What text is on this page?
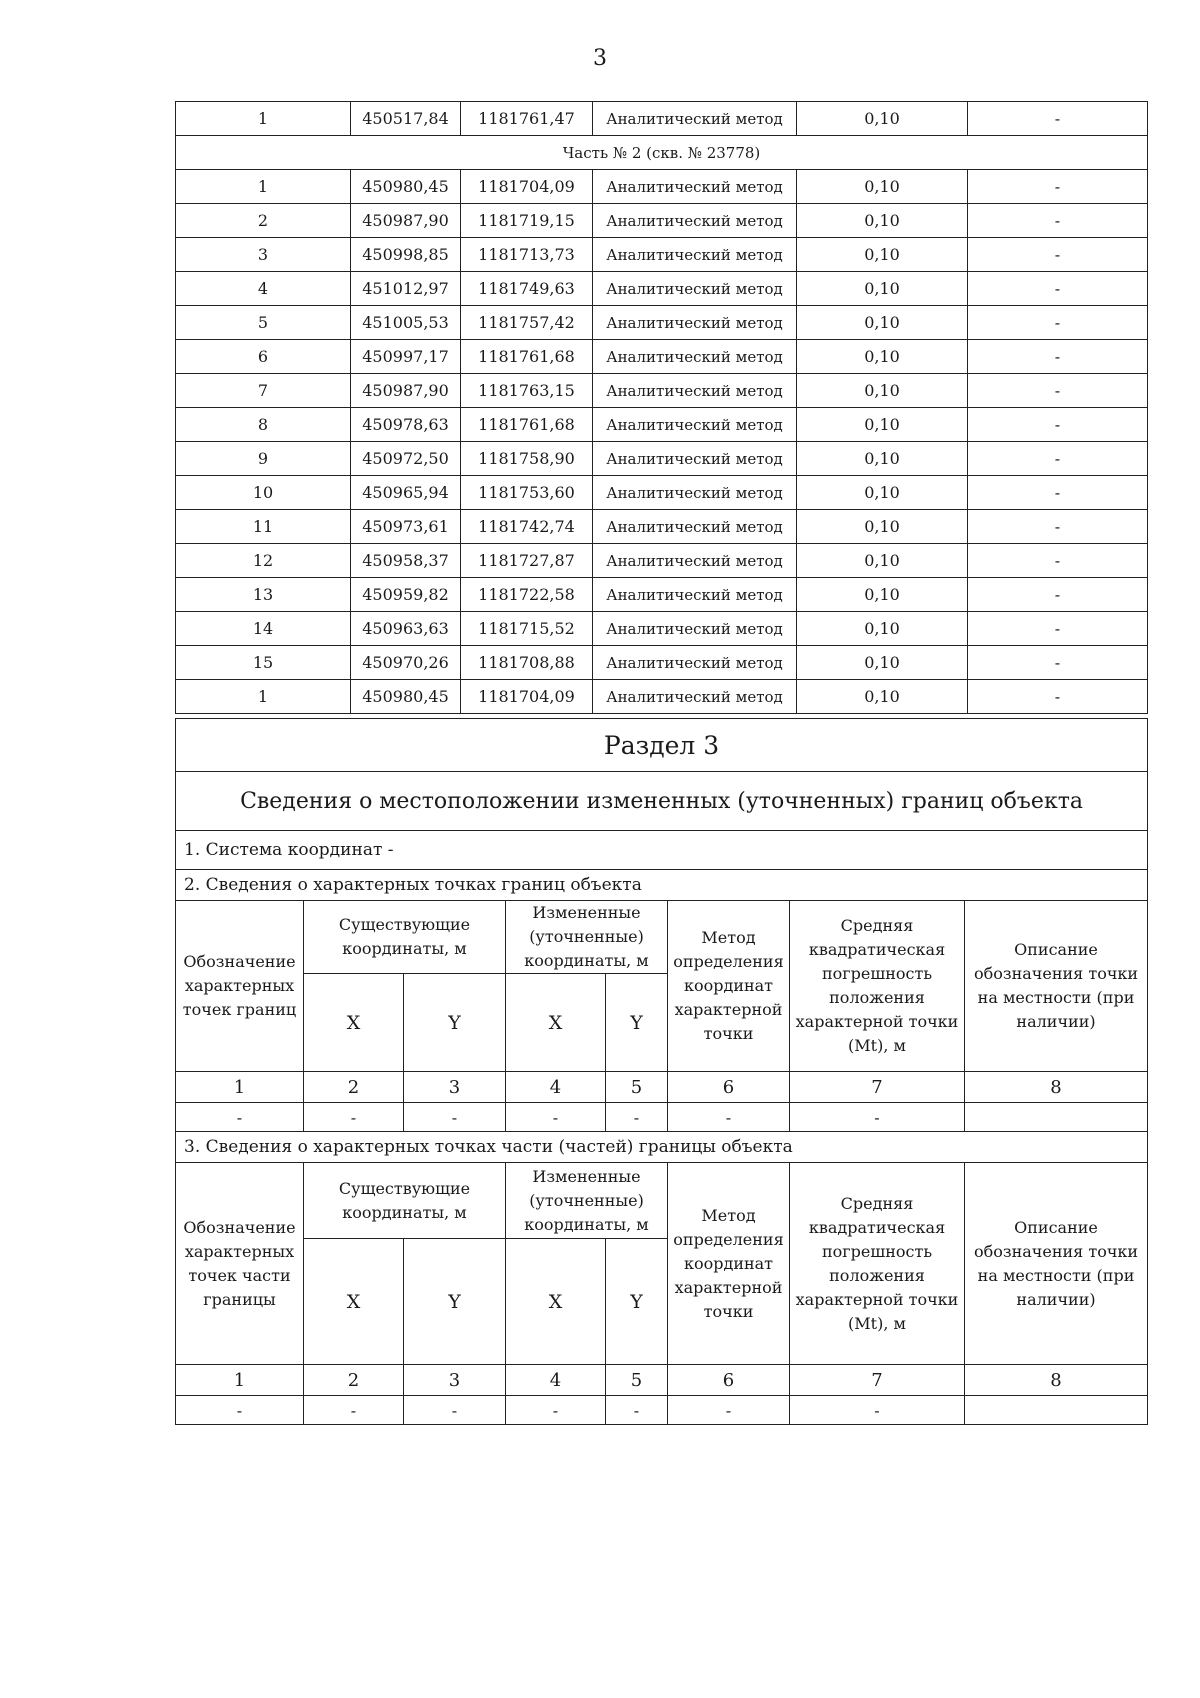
3
1	450517,84	1181761,47	Аналитический метод	0,10	-
Часть № 2 (скв. № 23778)					
1	450980,45	1181704,09	Аналитический метод	0,10	-
2	450987,90	1181719,15	Аналитический метод	0,10	-
3	450998,85	1181713,73	Аналитический метод	0,10	-
4	451012,97	1181749,63	Аналитический метод	0,10	-
5	451005,53	1181757,42	Аналитический метод	0,10	-
6	450997,17	1181761,68	Аналитический метод	0,10	-
7	450987,90	1181763,15	Аналитический метод	0,10	-
8	450978,63	1181761,68	Аналитический метод	0,10	-
9	450972,50	1181758,90	Аналитический метод	0,10	-
10	450965,94	1181753,60	Аналитический метод	0,10	-
11	450973,61	1181742,74	Аналитический метод	0,10	-
12	450958,37	1181727,87	Аналитический метод	0,10	-
13	450959,82	1181722,58	Аналитический метод	0,10	-
14	450963,63	1181715,52	Аналитический метод	0,10	-
15	450970,26	1181708,88	Аналитический метод	0,10	-
1	450980,45	1181704,09	Аналитический метод	0,10	-
Раздел 3							
Сведения о местоположении измененных (уточненных) границ объекта							
1. Система координат -							
2. Сведения о характерных точках границ объекта							
Обозначение характерных точек границ	Существующие координаты, м		Измененные (уточненные) координаты, м		Метод определения координат характерной точки	Средняя квадратическая погрешность положения характерной точки (Mt), м	Описание обозначения точки на местности (при наличии)
	X	Y	X	Y			
1	2	3	4	5	6	7	8
-	-	-	-	-	-	-	
3. Сведения о характерных точках части (частей) границы объекта							
Обозначение характерных точек части границы	Существующие координаты, м		Измененные (уточненные) координаты, м		Метод определения координат характерной точки	Средняя квадратическая погрешность положения характерной точки (Mt), м	Описание обозначения точки на местности (при наличии)
	X	Y	X	Y			
1	2	3	4	5	6	7	8
-	-	-	-	-	-	-	
